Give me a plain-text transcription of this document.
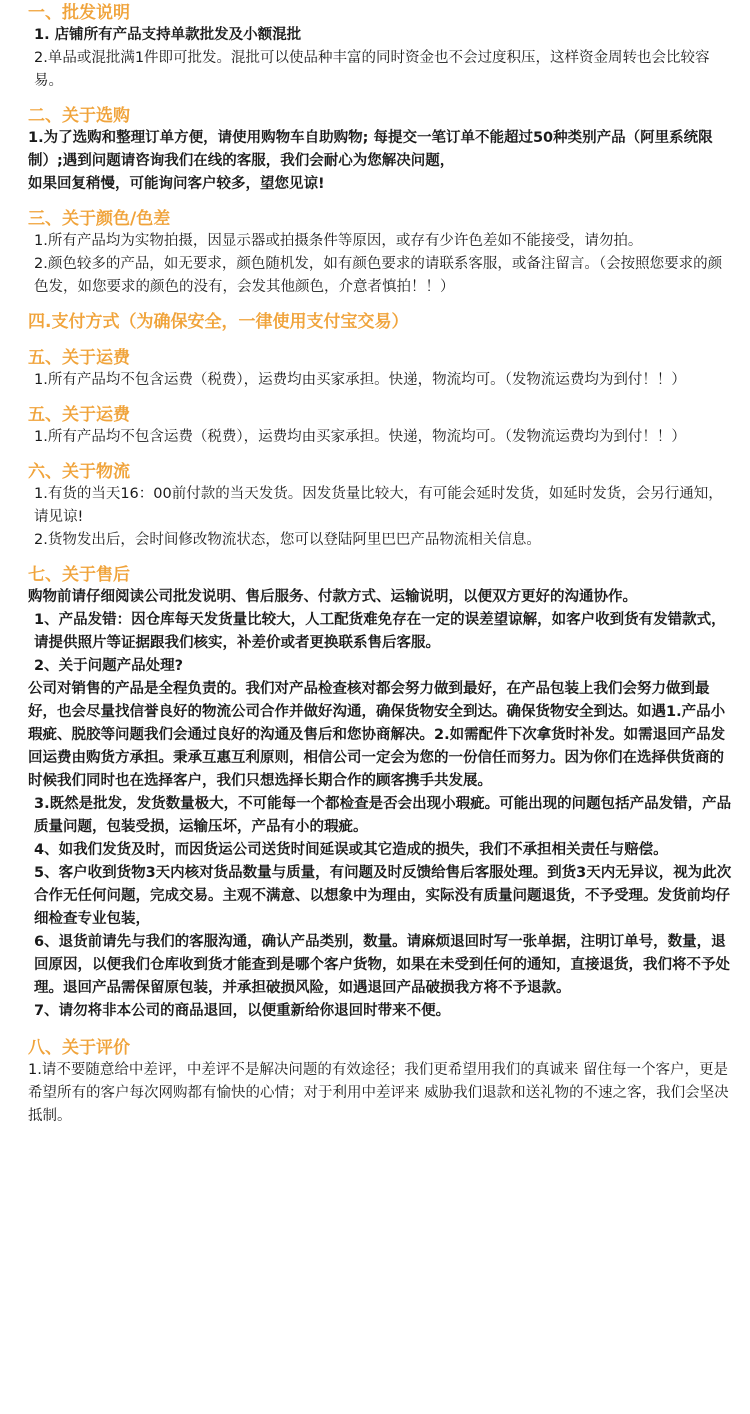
一、批发说明

1. 店铺所有产品支持单款批发及小额混批

2.单品或混批满1件即可批发。混批可以使品种丰富的同时资金也不会过度积压，这样资金周转也会比较容易。

二、关于选购

1.为了选购和整理订单方便，请使用购物车自助购物; 每提交一笔订单不能超过50种类别产品（阿里系统限制）;遇到问题请咨询我们在线的客服，我们会耐心为您解决问题，

如果回复稍慢，可能询问客户较多，望您见谅!

三、关于颜色/色差

1.所有产品均为实物拍摄，因显示器或拍摄条件等原因，或存有少许色差如不能接受，请勿拍。

2.颜色较多的产品，如无要求，颜色随机发，如有颜色要求的请联系客服，或备注留言。（会按照您要求的颜色发，如您要求的颜色的没有，会发其他颜色，介意者慎拍！！）

四.支付方式（为确保安全，一律使用支付宝交易）
五、关于运费

1.所有产品均不包含运费（税费），运费均由买家承担。快递，物流均可。（发物流运费均为到付！！）

五、关于运费

1.所有产品均不包含运费（税费），运费均由买家承担。快递，物流均可。（发物流运费均为到付！！）

六、关于物流

1.有货的当天16：00前付款的当天发货。因发货量比较大，有可能会延时发货，如延时发货，会另行通知，请见谅!

2.货物发出后，会时间修改物流状态，您可以登陆阿里巴巴产品物流相关信息。

七、关于售后

购物前请仔细阅读公司批发说明、售后服务、付款方式、运输说明，以便双方更好的沟通协作。

1、产品发错：因仓库每天发货量比较大，人工配货难免存在一定的误差望谅解，如客户收到货有发错款式，请提供照片等证据跟我们核实，补差价或者更换联系售后客服。

2、关于问题产品处理?

公司对销售的产品是全程负责的。我们对产品检查核对都会努力做到最好，在产品包装上我们会努力做到最好，也会尽量找信誉良好的物流公司合作并做好沟通，确保货物安全到达。确保货物安全到达。如遇1.产品小瑕疵、脱胶等问题我们会通过良好的沟通及售后和您协商解决。2.如需配件下次拿货时补发。如需退回产品发回运费由购货方承担。秉承互惠互利原则，相信公司一定会为您的一份信任而努力。因为你们在选择供货商的时候我们同时也在选择客户，我们只想选择长期合作的顾客携手共发展。

3.既然是批发，发货数量极大，不可能每一个都检查是否会出现小瑕疵。可能出现的问题包括产品发错，产品质量问题，包装受损，运输压坏，产品有小的瑕疵。

4、如我们发货及时，而因货运公司送货时间延误或其它造成的损失，我们不承担相关责任与赔偿。

5、客户收到货物3天内核对货品数量与质量，有问题及时反馈给售后客服处理。到货3天内无异议，视为此次合作无任何问题，完成交易。主观不满意、以想象中为理由，实际没有质量问题退货，不予受理。发货前均仔细检查专业包装，

6、退货前请先与我们的客服沟通，确认产品类别，数量。请麻烦退回时写一张单据，注明订单号，数量，退回原因，以便我们仓库收到货才能查到是哪个客户货物，如果在未受到任何的通知，直接退货，我们将不予处理。退回产品需保留原包装，并承担破损风险，如遇退回产品破损我方将不予退款。

7、请勿将非本公司的商品退回，以便重新给你退回时带来不便。

八、关于评价

1.请不要随意给中差评，中差评不是解决问题的有效途径；我们更希望用我们的真诚来 留住每一个客户，更是希望所有的客户每次网购都有愉快的心情；对于利用中差评来 威胁我们退款和送礼物的不速之客，我们会坚决抵制。
